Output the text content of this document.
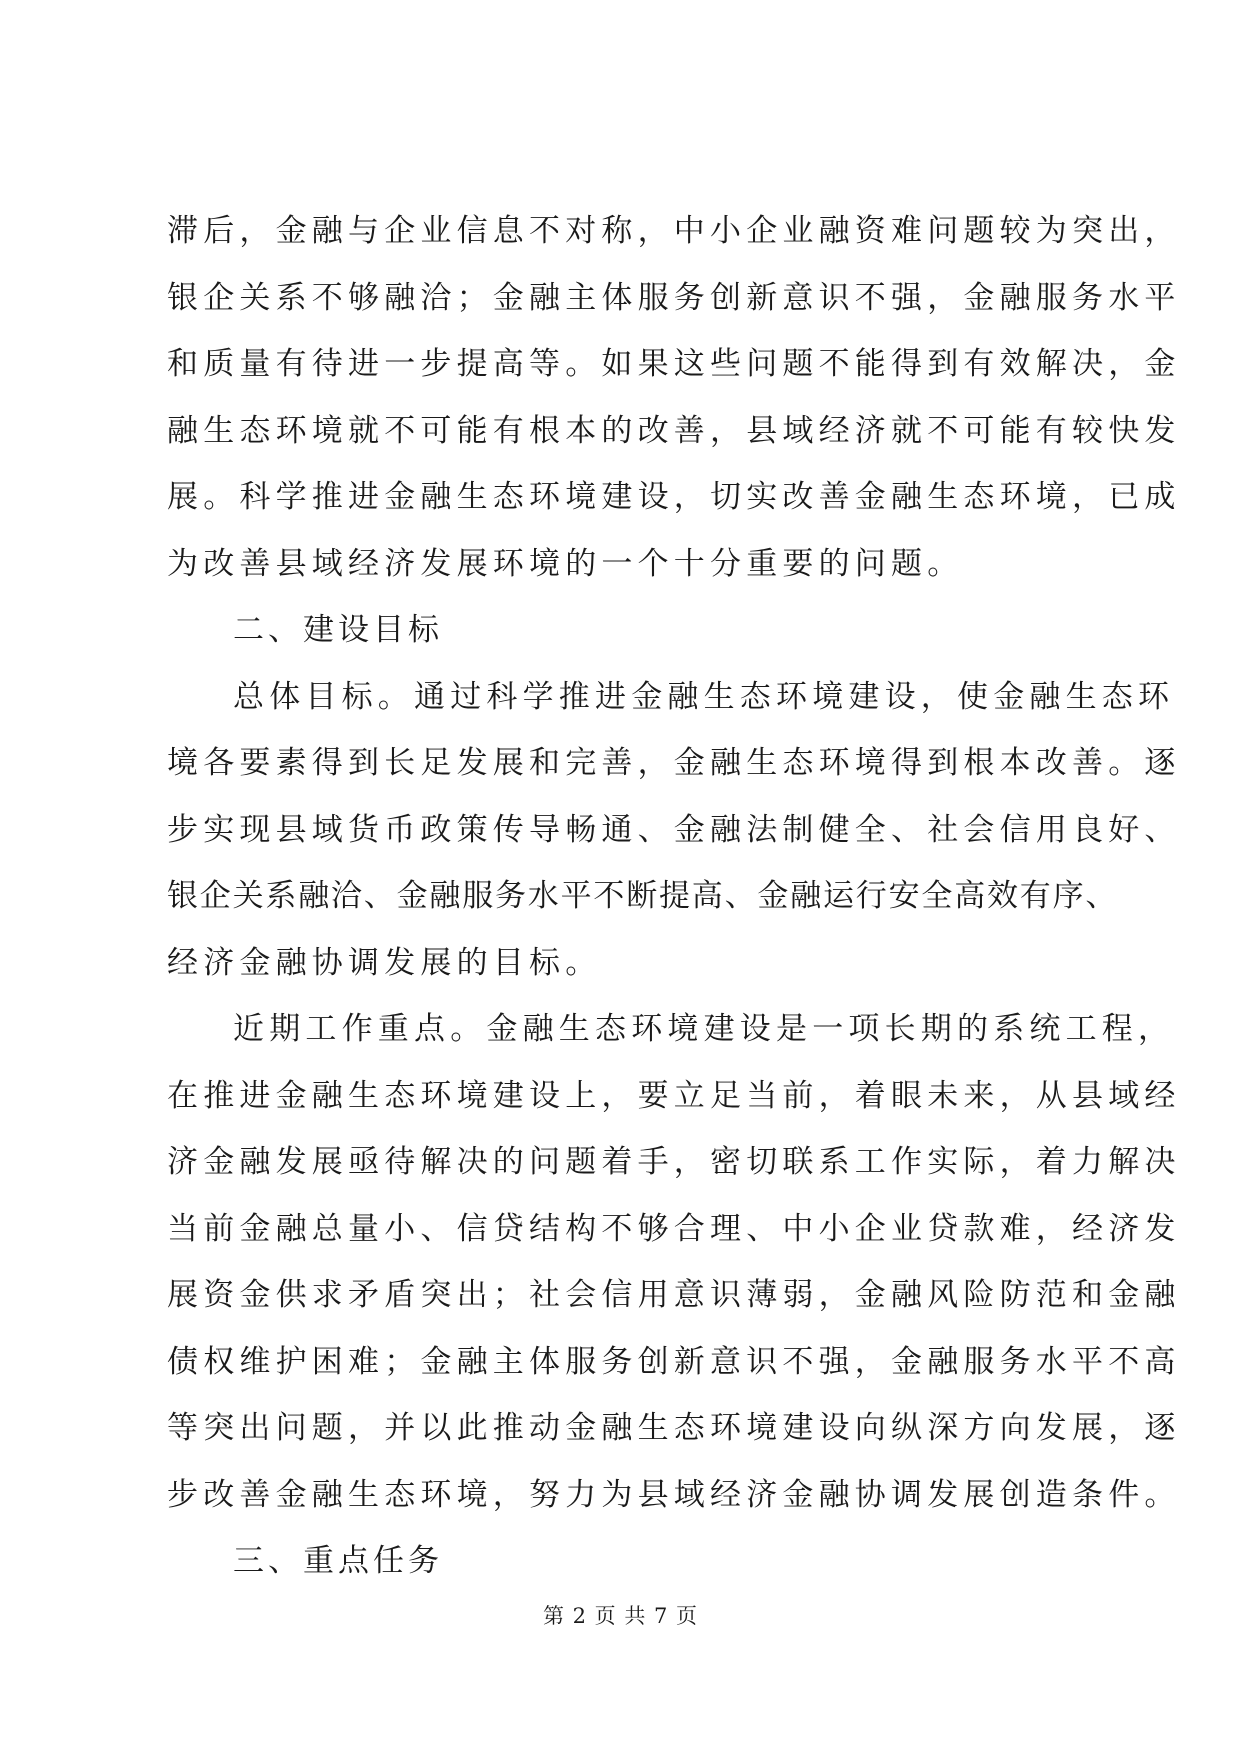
滞后，金融与企业信息不对称，中小企业融资难问题较为突出，
银企关系不够融洽；金融主体服务创新意识不强，金融服务水平
和质量有待进一步提高等。如果这些问题不能得到有效解决，金
融生态环境就不可能有根本的改善，县域经济就不可能有较快发
展。科学推进金融生态环境建设，切实改善金融生态环境，已成
为改善县域经济发展环境的一个十分重要的问题。
二、建设目标
总体目标。通过科学推进金融生态环境建设，使金融生态环
境各要素得到长足发展和完善，金融生态环境得到根本改善。逐
步实现县域货币政策传导畅通、金融法制健全、社会信用良好、
银企关系融洽、金融服务水平不断提高、金融运行安全高效有序、
经济金融协调发展的目标。
近期工作重点。金融生态环境建设是一项长期的系统工程，
在推进金融生态环境建设上，要立足当前，着眼未来，从县域经
济金融发展亟待解决的问题着手，密切联系工作实际，着力解决
当前金融总量小、信贷结构不够合理、中小企业贷款难，经济发
展资金供求矛盾突出；社会信用意识薄弱，金融风险防范和金融
债权维护困难；金融主体服务创新意识不强，金融服务水平不高
等突出问题，并以此推动金融生态环境建设向纵深方向发展，逐
步改善金融生态环境，努力为县域经济金融协调发展创造条件。
三、重点任务
第 2 页 共 7 页
